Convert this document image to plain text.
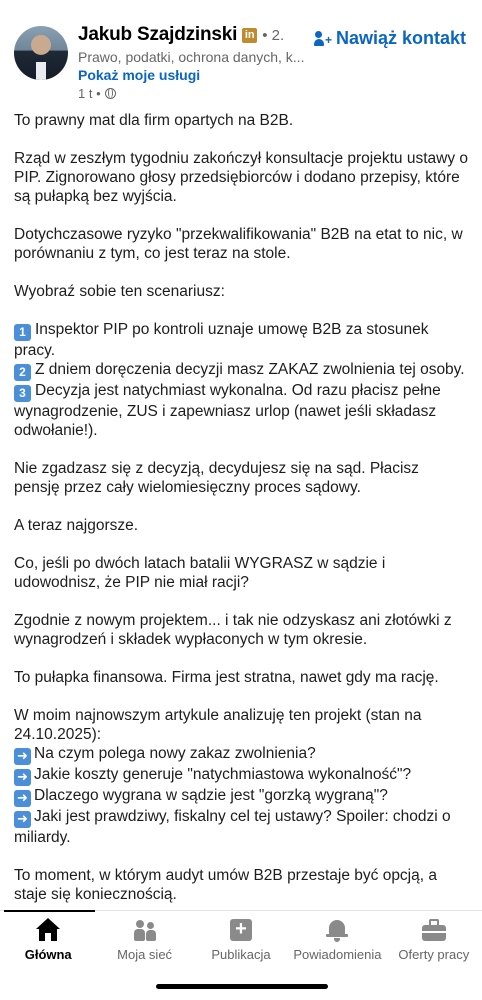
Jakub Szajdzinski in • 2.
Prawo, podatki, ochrona danych, k...
Pokaż moje usługi
1 t •
+ Nawiąż kontakt

To prawny mat dla firm opartych na B2B.

Rząd w zeszłym tygodniu zakończył konsultacje projektu ustawy o PIP. Zignorowano głosy przedsiębiorców i dodano przepisy, które są pułapką bez wyjścia.

Dotychczasowe ryzyko "przekwalifikowania" B2B na etat to nic, w porównaniu z tym, co jest teraz na stole.

Wyobraź sobie ten scenariusz:

1 Inspektor PIP po kontroli uznaje umowę B2B za stosunek pracy.
2 Z dniem doręczenia decyzji masz ZAKAZ zwolnienia tej osoby.
3 Decyzja jest natychmiast wykonalna. Od razu płacisz pełne wynagrodzenie, ZUS i zapewniasz urlop (nawet jeśli składasz odwołanie!).

Nie zgadzasz się z decyzją, decydujesz się na sąd. Płacisz pensję przez cały wielomiesięczny proces sądowy.

A teraz najgorsze.

Co, jeśli po dwóch latach batalii WYGRASZ w sądzie i udowodnisz, że PIP nie miał racji?

Zgodnie z nowym projektem... i tak nie odzyskasz ani złotówki z wynagrodzeń i składek wypłaconych w tym okresie.

To pułapka finansowa. Firma jest stratna, nawet gdy ma rację.

W moim najnowszym artykule analizuję ten projekt (stan na 24.10.2025):
➜ Na czym polega nowy zakaz zwolnienia?
➜ Jakie koszty generuje "natychmiastowa wykonalność"?
➜ Dlaczego wygrana w sądzie jest "gorzką wygraną"?
➜ Jaki jest prawdziwy, fiskalny cel tej ustawy? Spoiler: chodzi o miliardy.

To moment, w którym audyt umów B2B przestaje być opcją, a staje się koniecznością.

Główna	Moja sieć
+
Publikacja Powiadomienia Oferty pracy
